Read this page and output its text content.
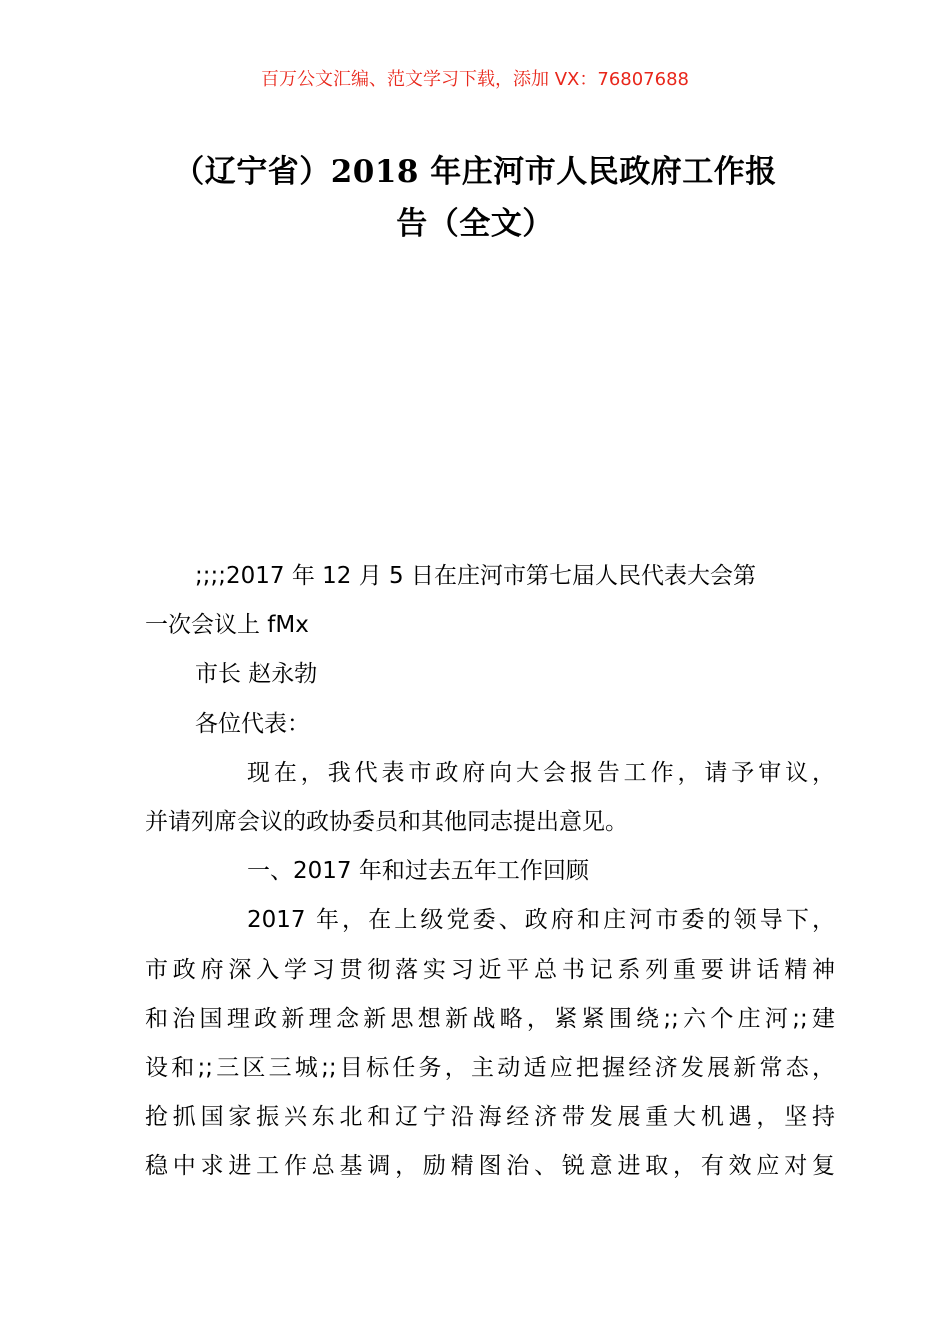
百万公文汇编、范文学习下载，添加 VX：76807688
（辽宁省）2018 年庄河市人民政府工作报
告（全文）
;;;;2017 年 12 月 5 日在庄河市第七届人民代表大会第
一次会议上 fMx
市长 赵永勃
各位代表：
现在，我代表市政府向大会报告工作，请予审议，
并请列席会议的政协委员和其他同志提出意见。
一、2017 年和过去五年工作回顾
2017 年，在上级党委、政府和庄河市委的领导下，
市政府深入学习贯彻落实习近平总书记系列重要讲话精神
和治国理政新理念新思想新战略，紧紧围绕;;六个庄河;;建
设和;;三区三城;;目标任务，主动适应把握经济发展新常态，
抢抓国家振兴东北和辽宁沿海经济带发展重大机遇，坚持
稳中求进工作总基调，励精图治、锐意进取，有效应对复
